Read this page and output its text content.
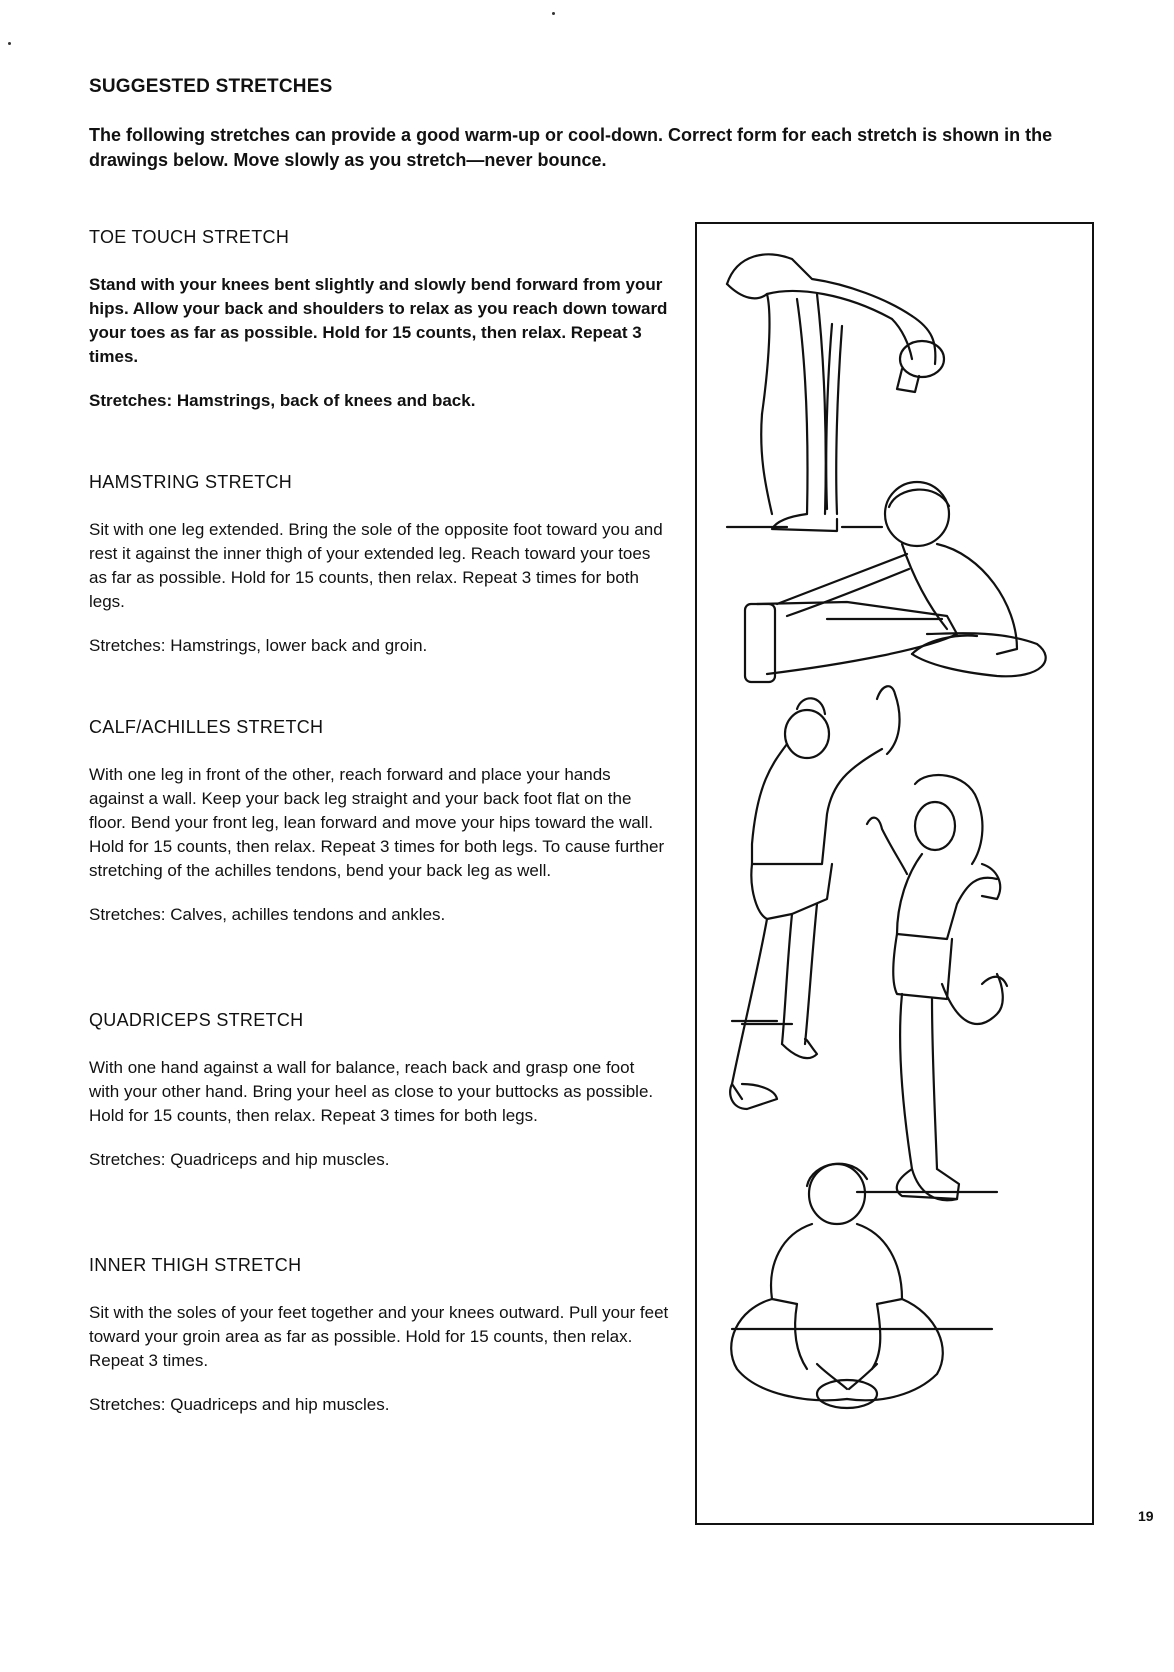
SUGGESTED STRETCHES
The following stretches can provide a good warm-up or cool-down. Correct form for each stretch is shown in the drawings below. Move slowly as you stretch—never bounce.
TOE TOUCH STRETCH

Stand with your knees bent slightly and slowly bend forward from your hips. Allow your back and shoulders to relax as you reach down toward your toes as far as possible. Hold for 15 counts, then relax. Repeat 3 times.

Stretches: Hamstrings, back of knees and back.

HAMSTRING STRETCH

Sit with one leg extended. Bring the sole of the opposite foot toward you and rest it against the inner thigh of your extended leg. Reach toward your toes as far as possible. Hold for 15 counts, then relax. Repeat 3 times for both legs.

Stretches: Hamstrings, lower back and groin.

CALF/ACHILLES STRETCH

With one leg in front of the other, reach forward and place your hands against a wall. Keep your back leg straight and your back foot flat on the floor. Bend your front leg, lean forward and move your hips toward the wall. Hold for 15 counts, then relax. Repeat 3 times for both legs. To cause further stretching of the achilles tendons, bend your back leg as well.

Stretches: Calves, achilles tendons and ankles.

QUADRICEPS STRETCH

With one hand against a wall for balance, reach back and grasp one foot with your other hand. Bring your heel as close to your buttocks as possible. Hold for 15 counts, then relax. Repeat 3 times for both legs.

Stretches: Quadriceps and hip muscles.

INNER THIGH STRETCH

Sit with the soles of your feet together and your knees outward. Pull your feet toward your groin area as far as possible. Hold for 15 counts, then relax. Repeat 3 times.

Stretches: Quadriceps and hip muscles.

19
